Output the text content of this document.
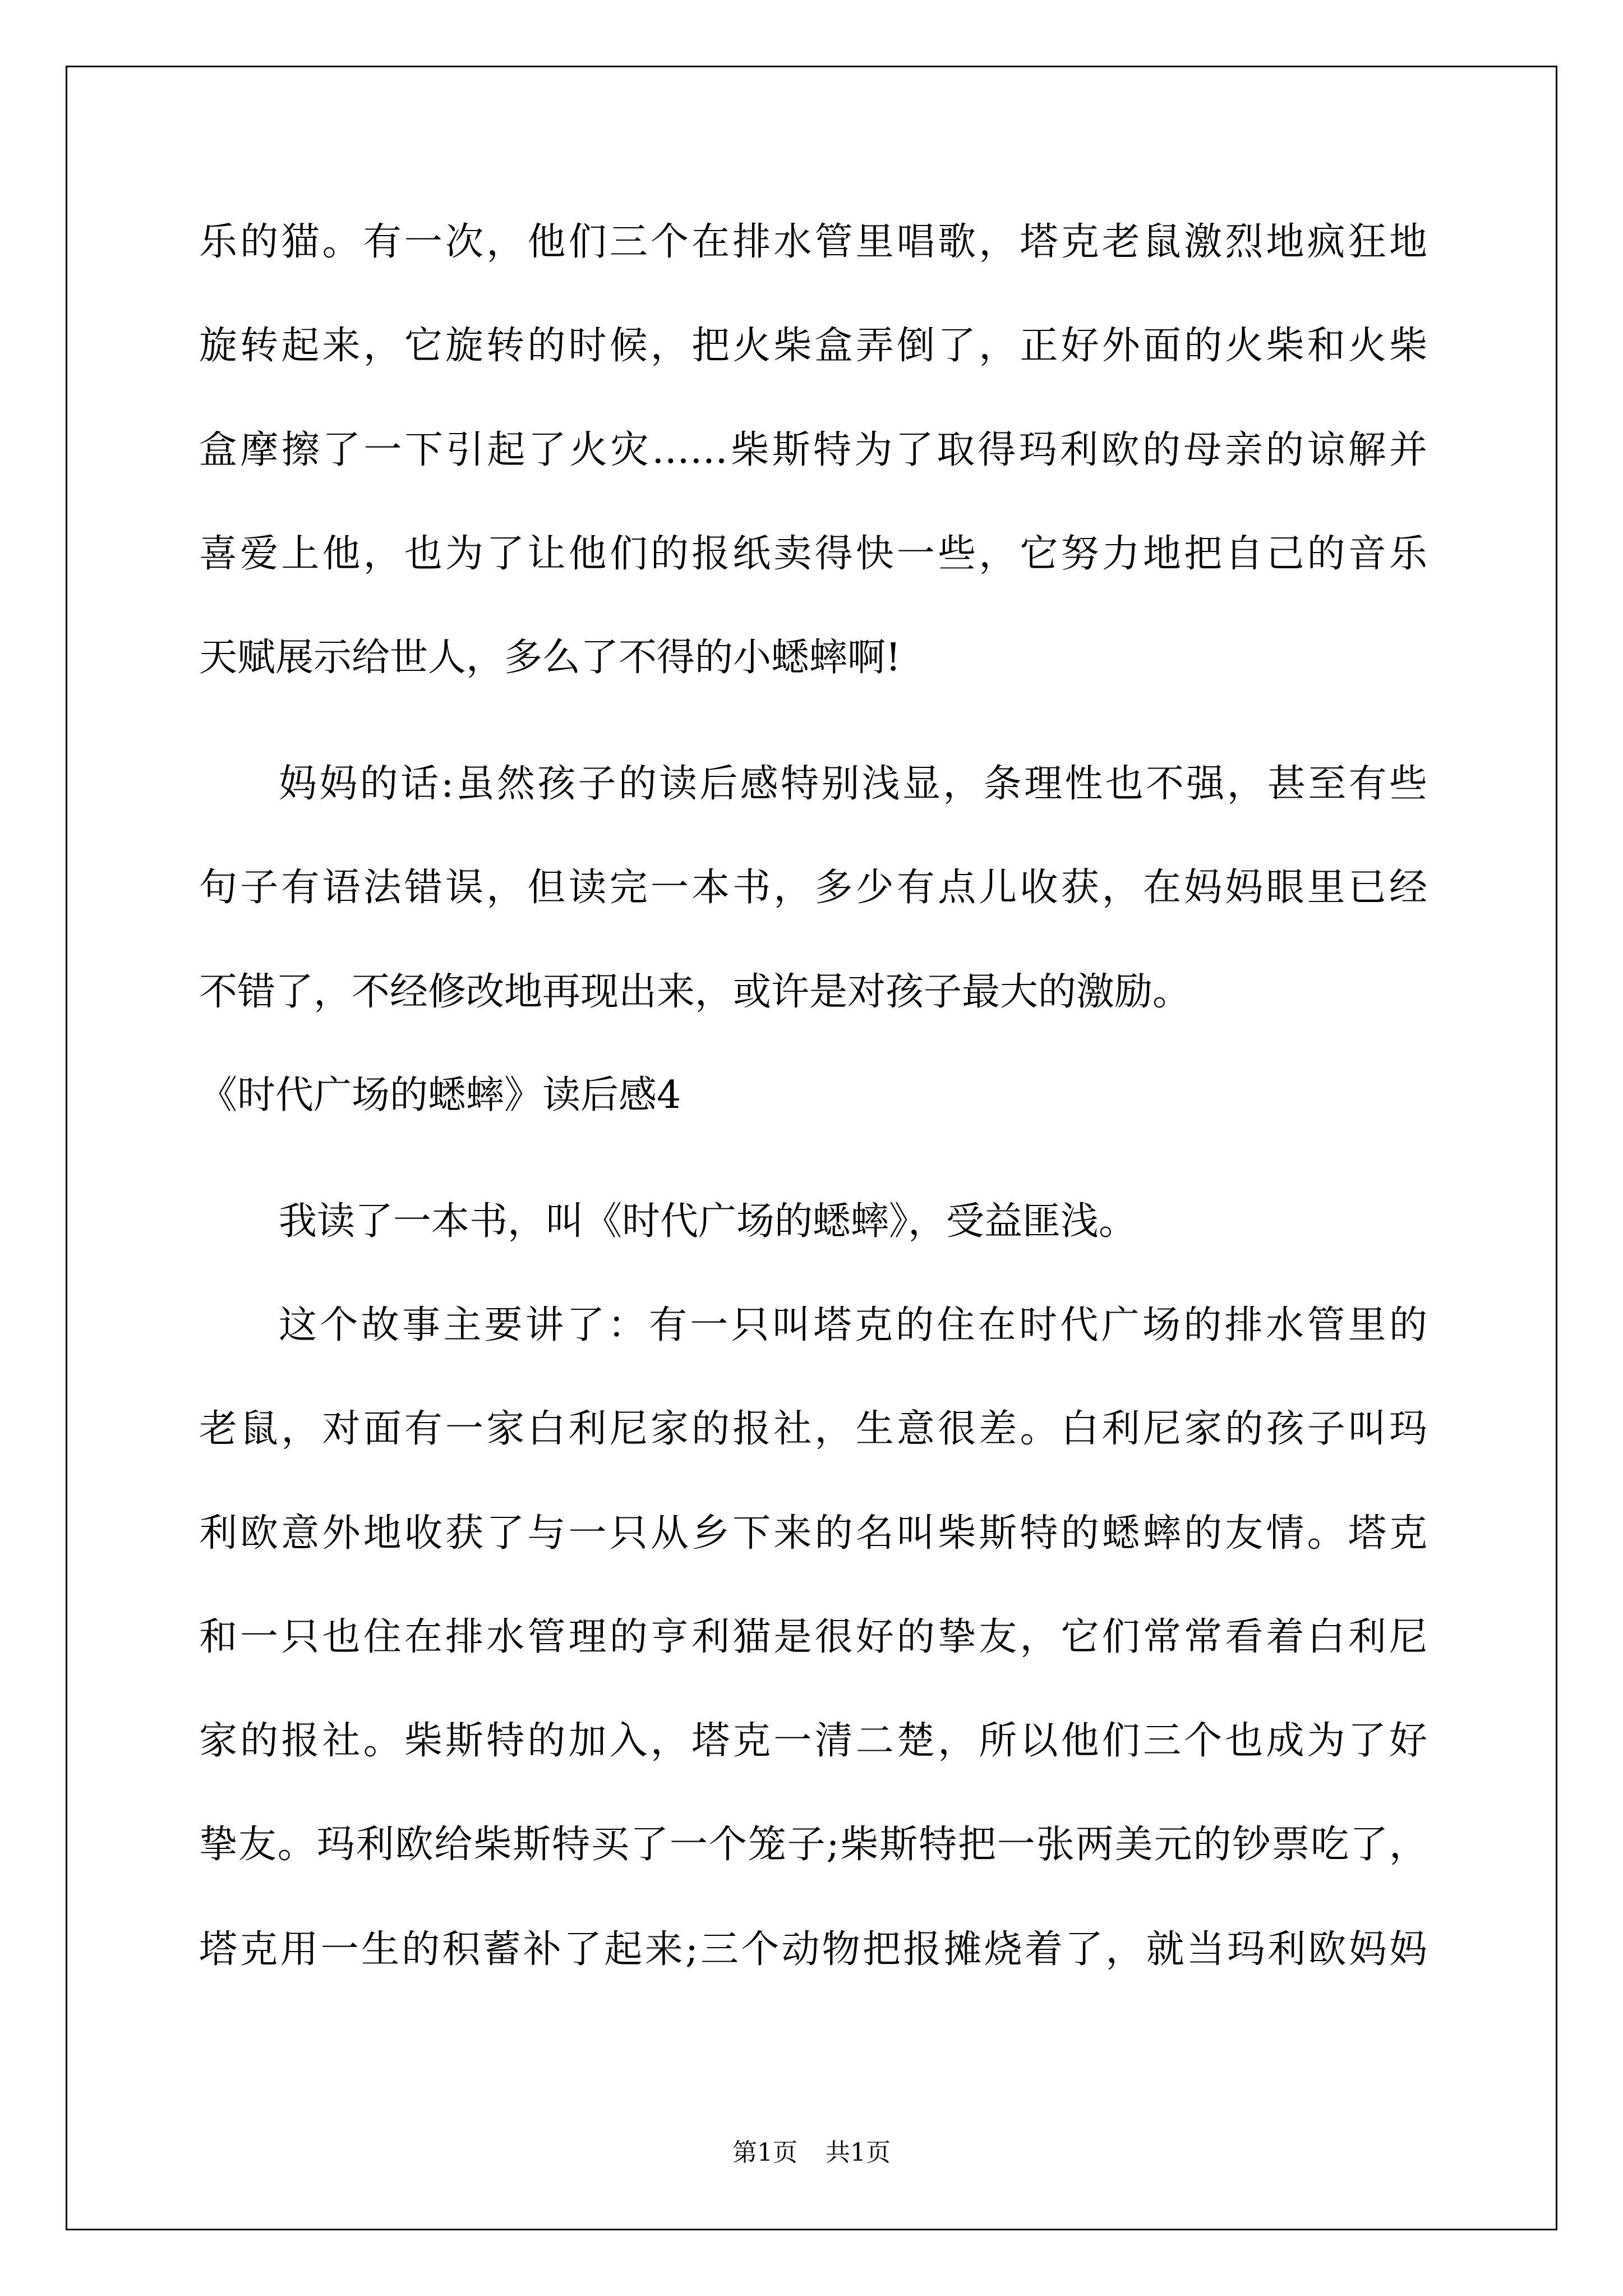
乐的猫。有一次，他们三个在排水管里唱歌，塔克老鼠激烈地疯狂地
旋转起来，它旋转的时候，把火柴盒弄倒了，正好外面的火柴和火柴
盒摩擦了一下引起了火灾……柴斯特为了取得玛利欧的母亲的谅解并
喜爱上他，也为了让他们的报纸卖得快一些，它努力地把自己的音乐
天赋展示给世人，多么了不得的小蟋蟀啊!
妈妈的话:虽然孩子的读后感特别浅显，条理性也不强，甚至有些
句子有语法错误，但读完一本书，多少有点儿收获，在妈妈眼里已经
不错了，不经修改地再现出来，或许是对孩子最大的激励。
《时代广场的蟋蟀》读后感4
我读了一本书，叫《时代广场的蟋蟀》，受益匪浅。
这个故事主要讲了：有一只叫塔克的住在时代广场的排水管里的
老鼠，对面有一家白利尼家的报社，生意很差。白利尼家的孩子叫玛
利欧意外地收获了与一只从乡下来的名叫柴斯特的蟋蟀的友情。塔克
和一只也住在排水管理的亨利猫是很好的挚友，它们常常看着白利尼
家的报社。柴斯特的加入，塔克一清二楚，所以他们三个也成为了好
挚友。玛利欧给柴斯特买了一个笼子;柴斯特把一张两美元的钞票吃了，
塔克用一生的积蓄补了起来;三个动物把报摊烧着了，就当玛利欧妈妈
第1页 共1页
